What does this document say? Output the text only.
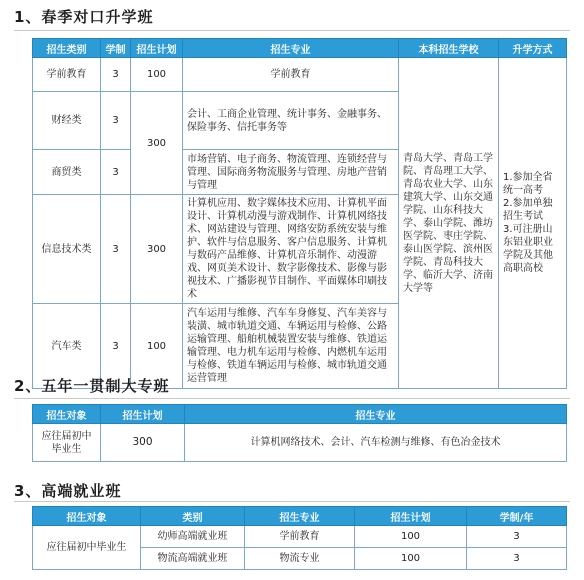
1、春季对口升学班
招生类别	学制	招生计划	招生专业	本科招生学校	升学方式
学前教育	3	100	学前教育	青岛大学、青岛工学院、青岛理工大学、青岛农业大学、山东建筑大学、山东交通学院、山东科技大学、泰山学院、潍坊医学院、枣庄学院、泰山医学院、滨州医学院、青岛科技大学、临沂大学、济南大学等	1.参加全省统一高考
2.参加单独招生考试
3.可注册山东铝业职业学院及其他高职高校
财经类	3	300	会计、工商企业管理、统计事务、金融事务、保险事务、信托事务等		
商贸类	3		市场营销、电子商务、物流管理、连锁经营与管理、国际商务物流服务与管理、房地产营销与管理		
信息技术类	3	300	计算机应用、数字媒体技术应用、计算机平面设计、计算机动漫与游戏制作、计算机网络技术、网站建设与管理、网络安防系统安装与维护、软件与信息服务、客户信息服务、计算机与数码产品维修、计算机音乐制作、动漫游戏、网页美术设计、数字影像技术、影像与影视技术、广播影视节目制作、平面媒体印刷技术		
汽车类	3	100	汽车运用与维修、汽车车身修复、汽车美容与装潢、城市轨道交通、车辆运用与检修、公路运输管理、船舶机械装置安装与维修、铁道运输管理、电力机车运用与检修、内燃机车运用与检修、铁道车辆运用与检修、城市轨道交通运营管理		
2、五年一贯制大专班
招生对象	招生计划	招生专业
应往届初中毕业生	300	计算机网络技术、会计、汽车检测与维修、有色冶金技术
3、高端就业班
招生对象	类别	招生专业	招生计划	学制/年
应往届初中毕业生	幼师高端就业班	学前教育	100	3
	物流高端就业班	物流专业	100	3
